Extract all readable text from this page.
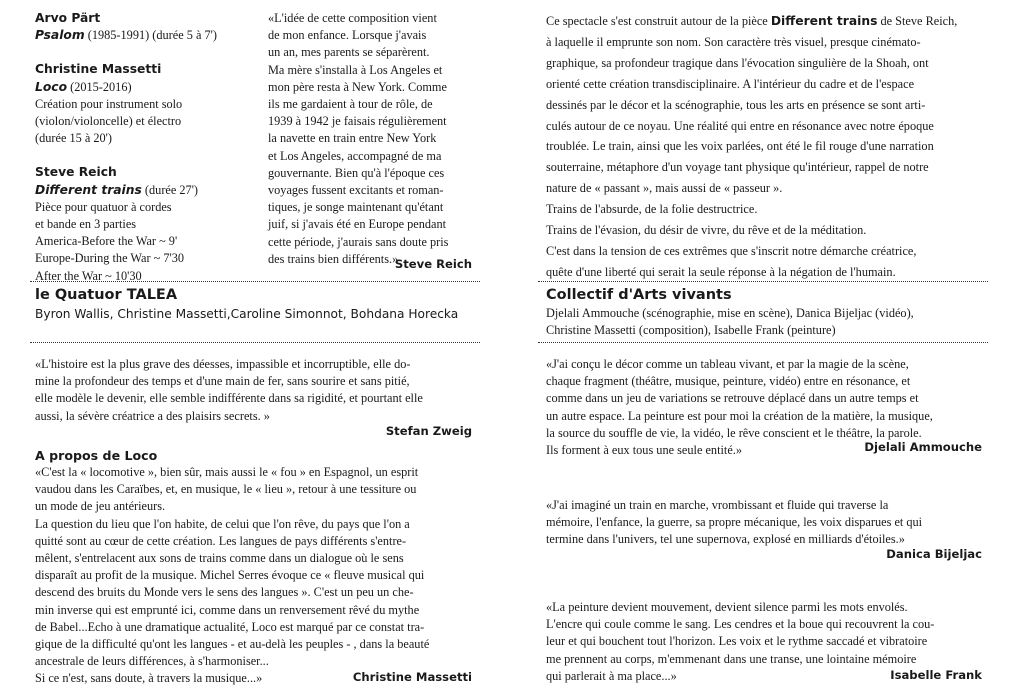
Arvo Pärt
Psalom (1985-1991) (durée 5 à 7')
Christine Massetti
Loco (2015-2016)
Création pour instrument solo
(violon/violoncelle) et électro
(durée 15 à 20')
Steve Reich
Different trains (durée 27')
Pièce pour quatuor à cordes
et bande en 3 parties
America-Before the War ~ 9'
Europe-During the War ~ 7'30
After the War ~ 10'30
«L'idée de cette composition vient
de mon enfance. Lorsque j'avais
un an, mes parents se séparèrent.
Ma mère s'installa à Los Angeles et
mon père resta à New York. Comme
ils me gardaient à tour de rôle, de
1939 à 1942 je faisais régulièrement
la navette en train entre New York
et Los Angeles, accompagné de ma
gouvernante. Bien qu'à l'époque ces
voyages fussent excitants et roman-
tiques, je songe maintenant qu'étant
juif, si j'avais été en Europe pendant
cette période, j'aurais sans doute pris
des trains bien différents.»
Steve Reich
Ce spectacle s'est construit autour de la pièce Different trains de Steve Reich,
à laquelle il emprunte son nom. Son caractère très visuel, presque cinémato-
graphique, sa profondeur tragique dans l'évocation singulière de la Shoah, ont
orienté cette création transdisciplinaire. A l'intérieur du cadre et de l'espace
dessinés par le décor et la scénographie, tous les arts en présence se sont arti-
culés autour de ce noyau. Une réalité qui entre en résonance avec notre époque
troublée. Le train, ainsi que les voix parlées, ont été le fil rouge d'une narration
souterraine, métaphore d'un voyage tant physique qu'intérieur, rappel de notre
nature de « passant », mais aussi de « passeur ».
Trains de l'absurde, de la folie destructrice.
Trains de l'évasion, du désir de vivre, du rêve et de la méditation.
C'est dans la tension de ces extrêmes que s'inscrit notre démarche créatrice,
quête d'une liberté qui serait la seule réponse à la négation de l'humain.
le Quatuor TALEA
Byron Wallis, Christine Massetti,Caroline Simonnot, Bohdana Horecka
Collectif d'Arts vivants
Djelali Ammouche (scénographie, mise en scène), Danica Bijeljac (vidéo),
Christine Massetti (composition), Isabelle Frank (peinture)
«L'histoire est la plus grave des déesses, impassible et incorruptible, elle do-
mine la profondeur des temps et d'une main de fer, sans sourire et sans pitié,
elle modèle le devenir, elle semble indifférente dans sa rigidité, et pourtant elle
aussi, la sévère créatrice a des plaisirs secrets. »
Stefan Zweig
A propos de Loco
«C'est la « locomotive », bien sûr, mais aussi le « fou » en Espagnol, un esprit
vaudou dans les Caraïbes, et, en musique, le « lieu », retour à une tessiture ou
un mode de jeu antérieurs.
La question du lieu que l'on habite, de celui que l'on rêve, du pays que l'on a
quitté sont au cœur de cette création. Les langues de pays différents s'entre-
mêlent, s'entrelacent aux sons de trains comme dans un dialogue où le sens
disparaît au profit de la musique. Michel Serres évoque ce « fleuve musical qui
descend des bruits du Monde vers le sens des langues ». C'est un peu un che-
min inverse qui est emprunté ici, comme dans un renversement rêvé du mythe
de Babel...Echo à une dramatique actualité, Loco est marqué par ce constat tra-
gique de la difficulté qu'ont les langues - et au-delà les peuples - , dans la beauté
ancestrale de leurs différences, à s'harmoniser...
Si ce n'est, sans doute, à travers la musique...»	Christine Massetti
«J'ai conçu le décor comme un tableau vivant, et par la magie de la scène,
chaque fragment (théâtre, musique, peinture, vidéo) entre en résonance, et
comme dans un jeu de variations se retrouve déplacé dans un autre temps et
un autre espace. La peinture est pour moi la création de la matière, la musique,
la source du souffle de vie, la vidéo, le rêve conscient et le théâtre, la parole.
Ils forment à eux tous une seule entité.»	Djelali Ammouche
«J'ai imaginé un train en marche, vrombissant et fluide qui traverse la
mémoire, l'enfance, la guerre, sa propre mécanique, les voix disparues et qui
termine dans l'univers, tel une supernova, explosé en milliards d'étoiles.»
Danica Bijeljac
«La peinture devient mouvement, devient silence parmi les mots envolés.
L'encre qui coule comme le sang. Les cendres et la boue qui recouvrent la cou-
leur et qui bouchent tout l'horizon. Les voix et le rythme saccadé et vibratoire
me prennent au corps, m'emmenant dans une transe, une lointaine mémoire
qui parlerait à ma place...»	Isabelle Frank
